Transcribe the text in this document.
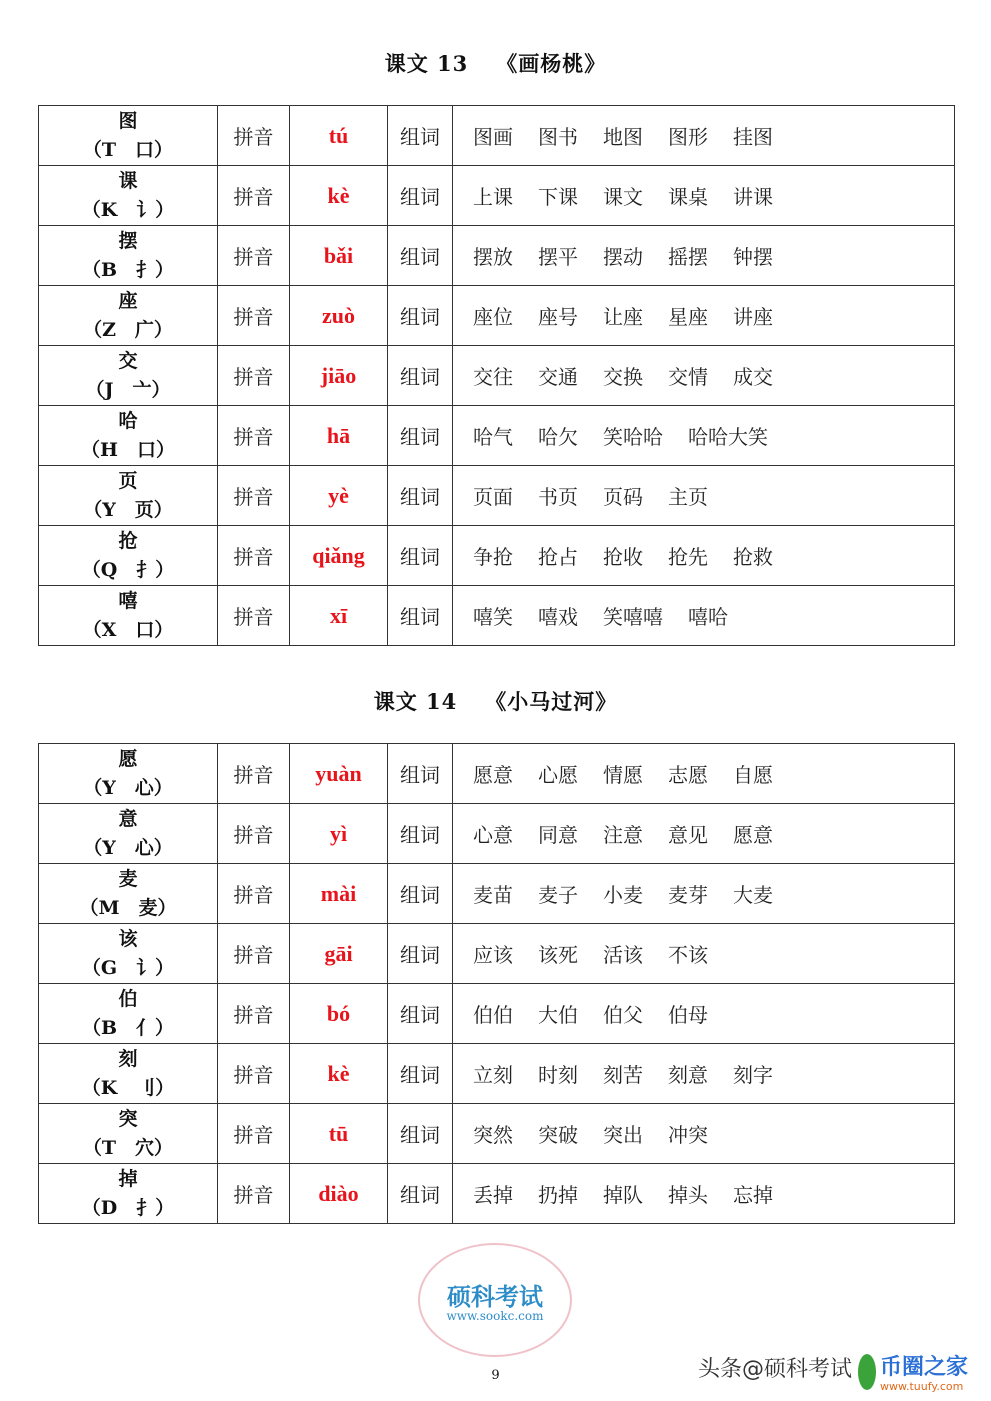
课文 13 《画杨桃》
图
（T　口）	拼音	tú	组词	图画 图书 地图 图形 挂图

课
（K　讠）	拼音	kè	组词	上课 下课 课文 课桌 讲课

摆
（B　扌）	拼音	bǎi	组词	摆放 摆平 摆动 摇摆 钟摆

座
（Z　广）	拼音	zuò	组词	座位 座号 让座 星座 讲座

交
（J　亠）	拼音	jiāo	组词	交往 交通 交换 交情 成交

哈
（H　口）	拼音	hā	组词	哈气 哈欠 笑哈哈 哈哈大笑

页
（Y　页）	拼音	yè	组词	页面 书页 页码 主页

抢
（Q　扌）	拼音	qiǎng	组词	争抢 抢占 抢收 抢先 抢救

嘻
（X　口）	拼音	xī	组词	嘻笑 嘻戏 笑嘻嘻 嘻哈
课文 14 《小马过河》
愿
（Y　心）	拼音	yuàn	组词	愿意 心愿 情愿 志愿 自愿

意
（Y　心）	拼音	yì	组词	心意 同意 注意 意见 愿意

麦
（M　麦）	拼音	mài	组词	麦苗 麦子 小麦 麦芽 大麦

该
（G　讠）	拼音	gāi	组词	应该 该死 活该 不该

伯
（B　亻）	拼音	bó	组词	伯伯 大伯 伯父 伯母

刻
（K　刂）	拼音	kè	组词	立刻 时刻 刻苦 刻意 刻字

突
（T　穴）	拼音	tū	组词	突然 突破 突出 冲突

掉
（D　扌）	拼音	diào	组词	丢掉 扔掉 掉队 掉头 忘掉
硕科考试
www.sookc.com
9	头条@硕科考试 币圈之家
www.tuufy.com
